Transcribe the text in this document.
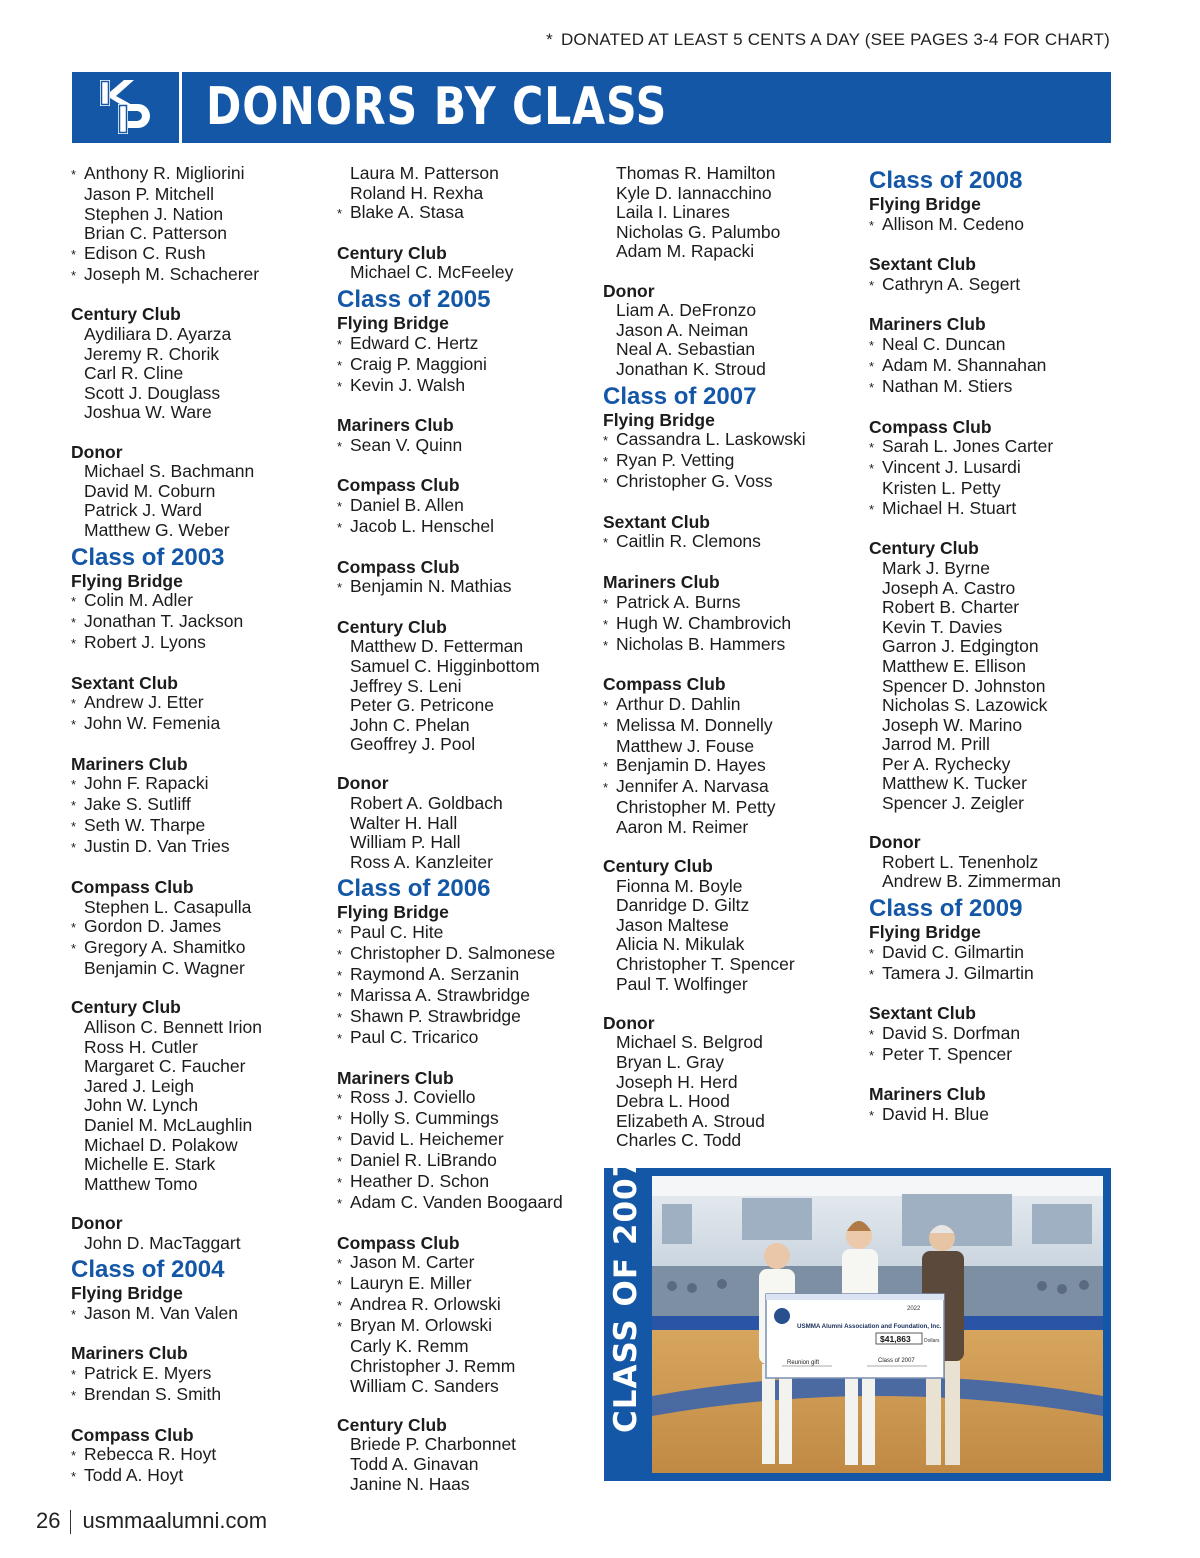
* DONATED AT LEAST 5 CENTS A DAY (SEE PAGES 3-4 FOR CHART)
DONORS BY CLASS
* Anthony R. Migliorini
Jason P. Mitchell
Stephen J. Nation
Brian C. Patterson
* Edison C. Rush
* Joseph M. Schacherer
Century Club
Aydiliara D. Ayarza
Jeremy R. Chorik
Carl R. Cline
Scott J. Douglass
Joshua W. Ware
Donor
Michael S. Bachmann
David M. Coburn
Patrick J. Ward
Matthew G. Weber
Class of 2003
Flying Bridge
* Colin M. Adler
* Jonathan T. Jackson
* Robert J. Lyons
Sextant Club
* Andrew J. Etter
* John W. Femenia
Mariners Club
* John F. Rapacki
* Jake S. Sutliff
* Seth W. Tharpe
* Justin D. Van Tries
Compass Club
Stephen L. Casapulla
* Gordon D. James
* Gregory A. Shamitko
Benjamin C. Wagner
Century Club
Allison C. Bennett Irion
Ross H. Cutler
Margaret C. Faucher
Jared J. Leigh
John W. Lynch
Daniel M. McLaughlin
Michael D. Polakow
Michelle E. Stark
Matthew Tomo
Donor
John D. MacTaggart
Class of 2004
Flying Bridge
* Jason M. Van Valen
Mariners Club
* Patrick E. Myers
* Brendan S. Smith
Compass Club
* Rebecca R. Hoyt
* Todd A. Hoyt
Laura M. Patterson
Roland H. Rexha
* Blake A. Stasa
Century Club
Michael C. McFeeley
Class of 2005
Flying Bridge
* Edward C. Hertz
* Craig P. Maggioni
* Kevin J. Walsh
Mariners Club
* Sean V. Quinn
Compass Club
* Daniel B. Allen
* Jacob L. Henschel
Compass Club
* Benjamin N. Mathias
Century Club
Matthew D. Fetterman
Samuel C. Higginbottom
Jeffrey S. Leni
Peter G. Petricone
John C. Phelan
Geoffrey J. Pool
Donor
Robert A. Goldbach
Walter H. Hall
William P. Hall
Ross A. Kanzleiter
Class of 2006
Flying Bridge
* Paul C. Hite
* Christopher D. Salmonese
* Raymond A. Serzanin
* Marissa A. Strawbridge
* Shawn P. Strawbridge
* Paul C. Tricarico
Mariners Club
* Ross J. Coviello
* Holly S. Cummings
* David L. Heichemer
* Daniel R. LiBrando
* Heather D. Schon
* Adam C. Vanden Boogaard
Compass Club
* Jason M. Carter
* Lauryn E. Miller
* Andrea R. Orlowski
* Bryan M. Orlowski
Carly K. Remm
Christopher J. Remm
William C. Sanders
Century Club
Briede P. Charbonnet
Todd A. Ginavan
Janine N. Haas
Thomas R. Hamilton
Kyle D. Iannacchino
Laila I. Linares
Nicholas G. Palumbo
Adam M. Rapacki
Donor
Liam A. DeFronzo
Jason A. Neiman
Neal A. Sebastian
Jonathan K. Stroud
Class of 2007
Flying Bridge
* Cassandra L. Laskowski
* Ryan P. Vetting
* Christopher G. Voss
Sextant Club
* Caitlin R. Clemons
Mariners Club
* Patrick A. Burns
* Hugh W. Chambrovich
* Nicholas B. Hammers
Compass Club
* Arthur D. Dahlin
* Melissa M. Donnelly
Matthew J. Fouse
* Benjamin D. Hayes
* Jennifer A. Narvasa
Christopher M. Petty
Aaron M. Reimer
Century Club
Fionna M. Boyle
Danridge D. Giltz
Jason Maltese
Alicia N. Mikulak
Christopher T. Spencer
Paul T. Wolfinger
Donor
Michael S. Belgrod
Bryan L. Gray
Joseph H. Herd
Debra L. Hood
Elizabeth A. Stroud
Charles C. Todd
Class of 2008
Flying Bridge
* Allison M. Cedeno
Sextant Club
* Cathryn A. Segert
Mariners Club
* Neal C. Duncan
* Adam M. Shannahan
* Nathan M. Stiers
Compass Club
* Sarah L. Jones Carter
* Vincent J. Lusardi
Kristen L. Petty
* Michael H. Stuart
Century Club
Mark J. Byrne
Joseph A. Castro
Robert B. Charter
Kevin T. Davies
Garron J. Edgington
Matthew E. Ellison
Spencer D. Johnston
Nicholas S. Lazowick
Joseph W. Marino
Jarrod M. Prill
Per A. Rychecky
Matthew K. Tucker
Spencer J. Zeigler
Donor
Robert L. Tenenholz
Andrew B. Zimmerman
Class of 2009
Flying Bridge
* David C. Gilmartin
* Tamera J. Gilmartin
Sextant Club
* David S. Dorfman
* Peter T. Spencer
Mariners Club
* David H. Blue
CLASS OF 2007	2022
USMMA Alumni Association and Foundation, Inc.
$41,863	Dollars
Reunion gift	Class of 2007
26 usmmaalumni.com
